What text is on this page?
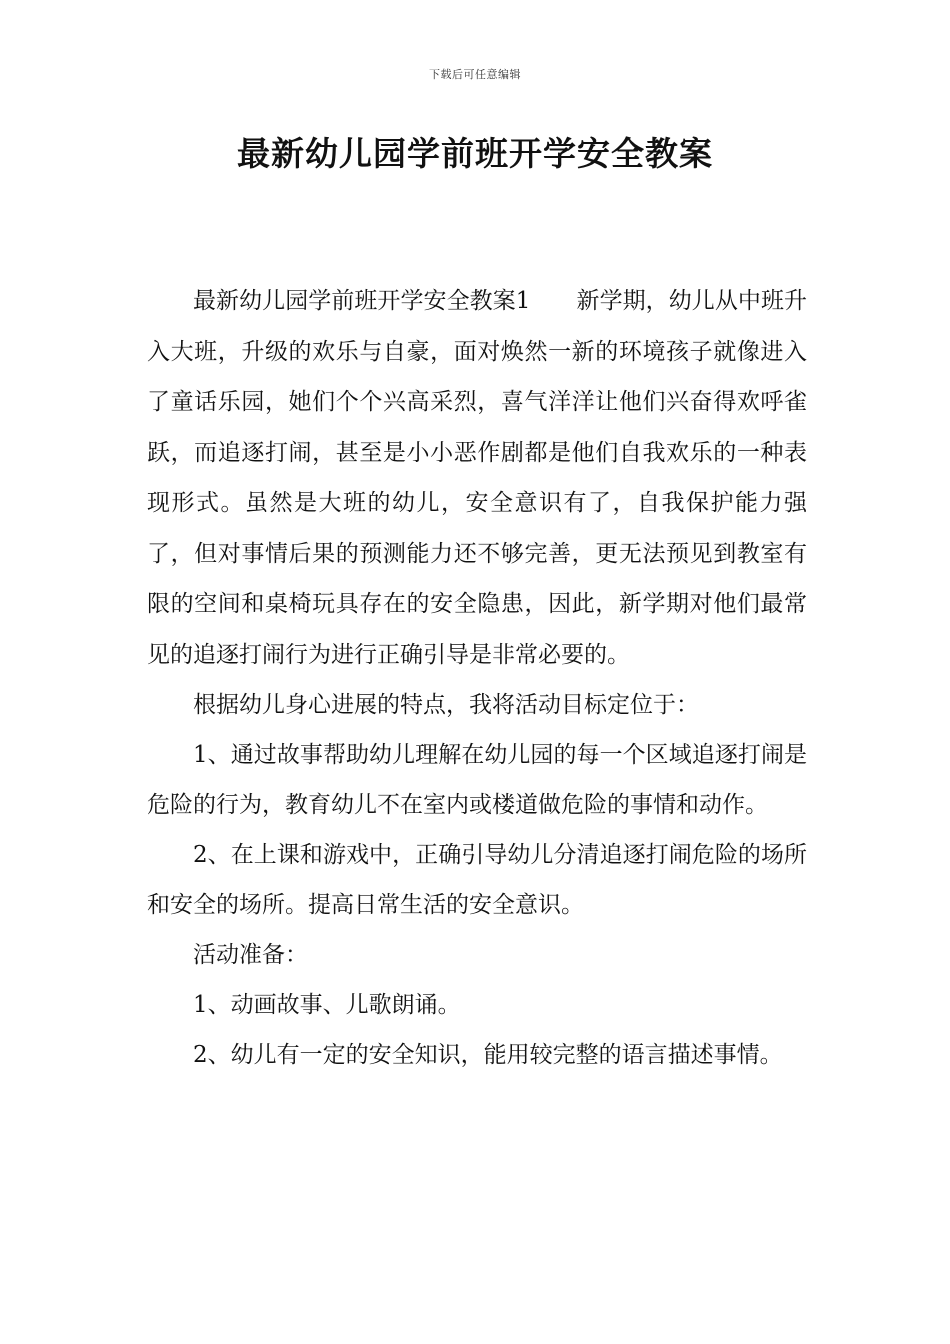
下载后可任意编辑
最新幼儿园学前班开学安全教案

最新幼儿园学前班开学安全教案1　　新学期，幼儿从中班升入大班，升级的欢乐与自豪，面对焕然一新的环境孩子就像进入了童话乐园，她们个个兴高采烈，喜气洋洋让他们兴奋得欢呼雀跃，而追逐打闹，甚至是小小恶作剧都是他们自我欢乐的一种表现形式。虽然是大班的幼儿，安全意识有了，自我保护能力强了，但对事情后果的预测能力还不够完善，更无法预见到教室有限的空间和桌椅玩具存在的安全隐患，因此，新学期对他们最常见的追逐打闹行为进行正确引导是非常必要的。

根据幼儿身心进展的特点，我将活动目标定位于：

1、通过故事帮助幼儿理解在幼儿园的每一个区域追逐打闹是危险的行为，教育幼儿不在室内或楼道做危险的事情和动作。

2、在上课和游戏中，正确引导幼儿分清追逐打闹危险的场所和安全的场所。提高日常生活的安全意识。

活动准备：

1、动画故事、儿歌朗诵。

2、幼儿有一定的安全知识，能用较完整的语言描述事情。
